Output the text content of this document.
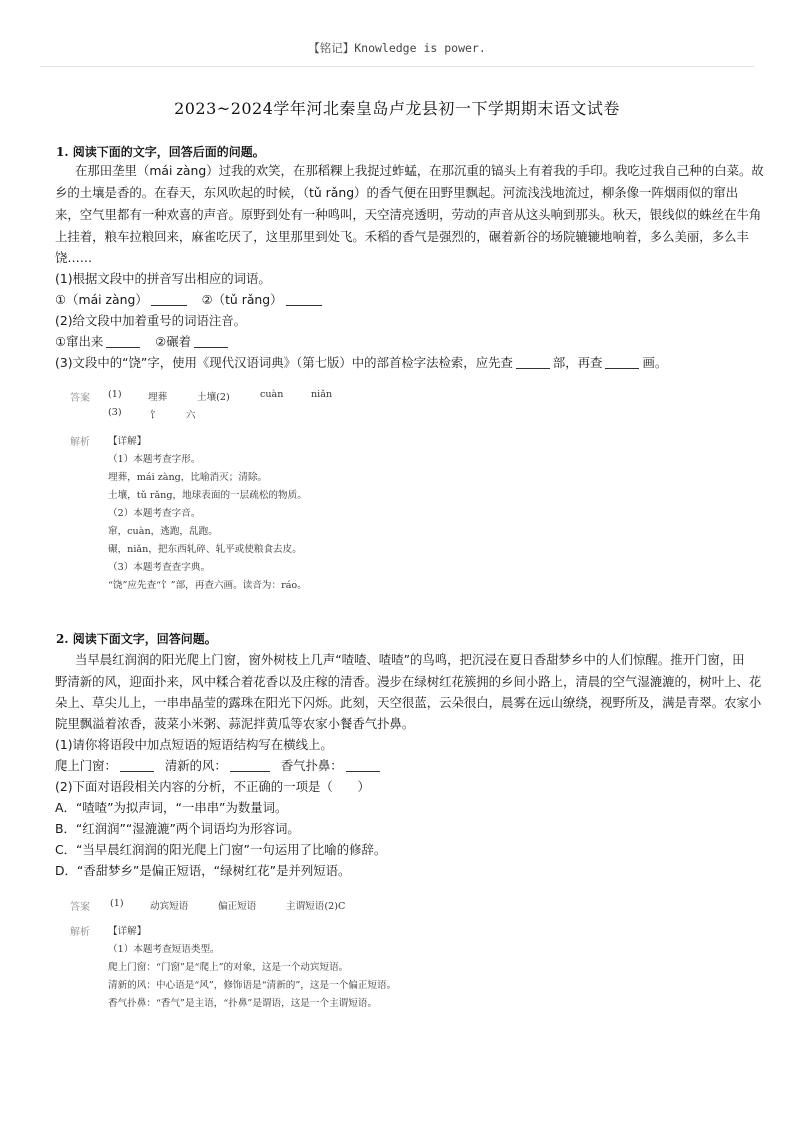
【铭记】Knowledge is power.
2023~2024学年河北秦皇岛卢龙县初一下学期期末语文试卷
1. 阅读下面的文字，回答后面的问题。
在那田垄里（mái zàng）过我的欢笑，在那稻粿上我捉过蚱蜢，在那沉重的镐头上有着我的手印。我吃过我自己种的白菜。故
乡的土壤是香的。在春天，东风吹起的时候，（tǔ rǎng）的香气便在田野里飘起。河流浅浅地流过，柳条像一阵烟雨似的窜出
来，空气里都有一种欢喜的声音。原野到处有一种鸣叫，天空清亮透明，劳动的声音从这头响到那头。秋天，银线似的蛛丝在牛角
上挂着，粮车拉粮回来，麻雀吃厌了，这里那里到处飞。禾稻的香气是强烈的，碾着新谷的场院辘辘地响着，多么美丽，多么丰
饶……
(1)根据文段中的拼音写出相应的词语。
①（mái zàng）	②（tǔ rǎng）
(2)给文段中加着重号的词语注音。
①窜出来	②碾着
(3)文段中的“饶”字，使用《现代汉语词典》（第七版）中的部首检字法检索，应先查	部，再查	画。
答案 (1)	埋葬	土壤(2)	cuàn	niǎn
(3)	饣	六
解析 【详解】
（1）本题考查字形。
埋葬，mái zàng，比喻消灭；清除。
土壤，tǔ rǎng，地球表面的一层疏松的物质。
（2）本题考查字音。
窜，cuàn，逃跑，乱跑。
碾，niǎn，把东西轧碎、轧平或使粮食去皮。
（3）本题考查查字典。
“饶”应先查“饣”部，再查六画。读音为：ráo。
2. 阅读下面文字，回答问题。
当早晨红润润的阳光爬上门窗，窗外树枝上几声“喳喳、喳喳”的鸟鸣，把沉浸在夏日香甜梦乡中的人们惊醒。推开门窗，田
野清新的风，迎面扑来，风中糅合着花香以及庄稼的清香。漫步在绿树红花簇拥的乡间小路上，清晨的空气湿漉漉的，树叶上、花
朵上、草尖儿上，一串串晶莹的露珠在阳光下闪烁。此刻，天空很蓝，云朵很白，晨雾在远山缭绕，视野所及，满是青翠。农家小
院里飘溢着浓香，菠菜小米粥、蒜泥拌黄瓜等农家小餐香气扑鼻。
(1)请你将语段中加点短语的短语结构写在横线上。
爬上门窗：	清新的风：	香气扑鼻：
(2)下面对语段相关内容的分析，不正确的一项是（　　）
A．“喳喳”为拟声词，“一串串”为数量词。
B．“红润润”“湿漉漉”两个词语均为形容词。
C．“当早晨红润润的阳光爬上门窗”一句运用了比喻的修辞。
D．“香甜梦乡”是偏正短语，“绿树红花”是并列短语。
答案 (1)	动宾短语	偏正短语	主谓短语(2)C
解析 【详解】
（1）本题考查短语类型。
爬上门窗：“门窗”是“爬上”的对象，这是一个动宾短语。
清新的风：中心语是“风”，修饰语是“清新的”，这是一个偏正短语。
香气扑鼻：“香气”是主语，“扑鼻”是谓语，这是一个主谓短语。
